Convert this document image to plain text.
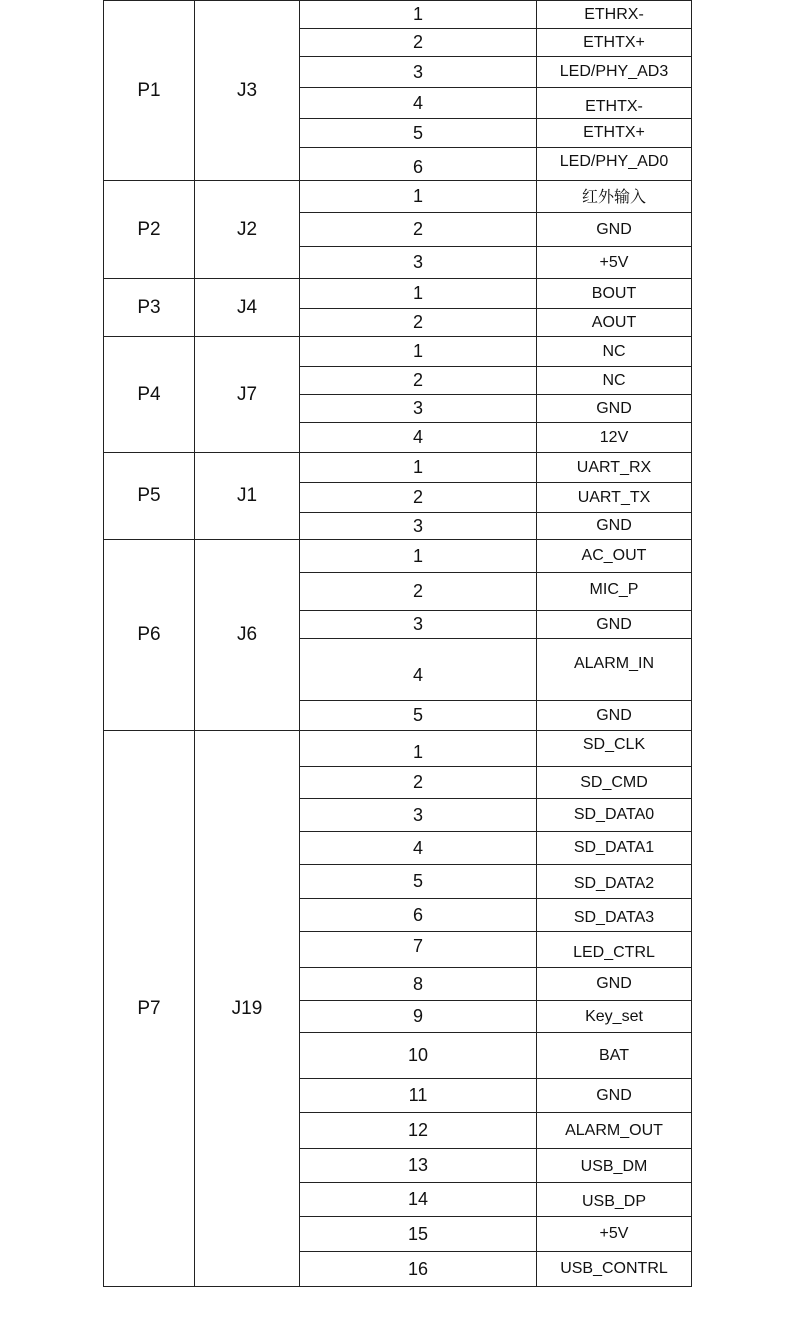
P1	J3	1	ETHRX-
		2	ETHTX+
		3	LED/PHY_AD3
		4	ETHTX-
		5	ETHTX+
		6	LED/PHY_AD0
P2	J2	1	红外输入
		2	GND
		3	+5V
P3	J4	1	BOUT
		2	AOUT
P4	J7	1	NC
		2	NC
		3	GND
		4	12V
P5	J1	1	UART_RX
		2	UART_TX
		3	GND
P6	J6	1	AC_OUT
		2	MIC_P
		3	GND
		4	ALARM_IN
		5	GND
P7	J19	1	SD_CLK
		2	SD_CMD
		3	SD_DATA0
		4	SD_DATA1
		5	SD_DATA2
		6	SD_DATA3
		7	LED_CTRL
		8	GND
		9	Key_set
		10	BAT
		11	GND
		12	ALARM_OUT
		13	USB_DM
		14	USB_DP
		15	+5V
		16	USB_CONTRL
